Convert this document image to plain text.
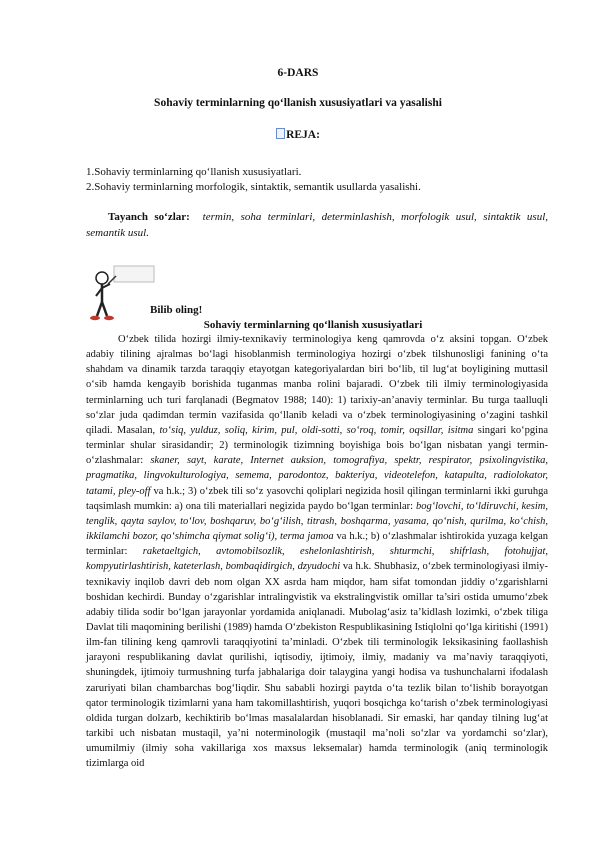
6-DARS
Sohaviy terminlarning qo‘llanish xususiyatlari va yasalishi
REJA:
1.Sohaviy terminlarning qo‘llanish xususiyatlari.
2.Sohaviy terminlarning morfologik, sintaktik, semantik usullarda yasalishi.
Tayanch so‘zlar: termin, soha terminlari, determinlashish, morfologik usul, sintaktik usul, semantik usul.
Bilib oling!
Sohaviy terminlarning qo‘llanish xususiyatlari

O‘zbek tilida hozirgi ilmiy-texnikaviy terminologiya keng qamrovda o‘z aksini topgan. O‘zbek adabiy tilining ajralmas bo‘lagi hisoblanmish terminologiya hozirgi o‘zbek tilshunosligi fanining o‘ta shahdam va dinamik tarzda taraqqiy etayotgan kategoriyalardan biri bo‘lib, til lug‘at boyligining muttasil o‘sib hamda kengayib borishida tuganmas manba rolini bajaradi. O‘zbek tili ilmiy terminologiyasida terminlarning uch turi farqlanadi (Begmatov 1988; 140): 1) tarixiy-an’anaviy terminlar. Bu turga taalluqli so‘zlar juda qadimdan termin vazifasida qo‘llanib keladi va o‘zbek terminologiyasining o‘zagini tashkil qiladi. Masalan, to‘siq, yulduz, soliq, kirim, pul, oldi-sotti, so‘roq, tomir, oqsillar, isitma singari ko‘pgina terminlar shular sirasidandir; 2) terminologik tizimning boyishiga bois bo‘lgan nisbatan yangi termin-o‘zlashmalar: skaner, sayt, karate, Internet auksion, tomografiya, spektr, respirator, psixolingvistika, pragmatika, lingvokulturologiya, semema, parodontoz, bakteriya, videotelefon, katapulta, radiolokator, tatami, pley-off va h.k.; 3) o‘zbek tili so‘z yasovchi qoliplari negizida hosil qilingan terminlarni ikki guruhga taqsimlash mumkin: a) ona tili materiallari negizida paydo bo‘lgan terminlar: bog‘lovchi, to‘ldiruvchi, kesim, tenglik, qayta saylov, to‘lov, boshqaruv, bo‘g‘ilish, titrash, boshqarma, yasama, qo‘nish, qurilma, ko‘chish, ikkilamchi bozor, qo‘shimcha qiymat solig‘i), terma jamoa va h.k.; b) o‘zlashmalar ishtirokida yuzaga kelgan terminlar: raketaeltgich, avtomobilsozlik, eshelonlashtirish, shturmchi, shifrlash, fotohujjat, kompyutirlashtirish, kateterlash, bombaqidirgich, dzyudochi va h.k. Shubhasiz, o‘zbek terminologiyasi ilmiy-texnikaviy inqilob davri deb nom olgan XX asrda ham miqdor, ham sifat tomondan jiddiy o‘zgarishlarni boshidan kechirdi. Bunday o‘zgarishlar intralingvistik va ekstralingvistik omillar ta’siri ostida umumo‘zbek adabiy tilida sodir bo‘lgan jarayonlar yordamida aniqlanadi. Mubolag‘asiz ta’kidlash lozimki, o‘zbek tiliga Davlat tili maqomining berilishi (1989) hamda O‘zbekiston Respublikasining Istiqlolni qo‘lga kiritishi (1991) ilm-fan tilining keng qamrovli taraqqiyotini ta’minladi. O‘zbek tili terminologik leksikasining faollashish jarayoni respublikaning davlat qurilishi, iqtisodiy, ijtimoiy, ilmiy, madaniy va ma’naviy taraqqiyoti, shuningdek, ijtimoiy turmushning turfa jabhalariga doir talaygina yangi hodisa va tushunchalarni ifodalash zaruriyati bilan chambarchas bog‘liqdir. Shu sababli hozirgi paytda o‘ta tezlik bilan to‘lishib borayotgan qator terminologik tizimlarni yana ham takomillashtirish, yuqori bosqichga ko‘tarish o‘zbek terminologiyasi oldida turgan dolzarb, kechiktirib bo‘lmas masalalardan hisoblanadi. Sir emaski, har qanday tilning lug‘at tarkibi uch nisbatan mustaqil, ya’ni noterminologik (mustaqil ma’noli so‘zlar va yordamchi so‘zlar), umumilmiy (ilmiy soha vakillariga xos maxsus leksemalar) hamda terminologik (aniq terminologik tizimlarga oid
